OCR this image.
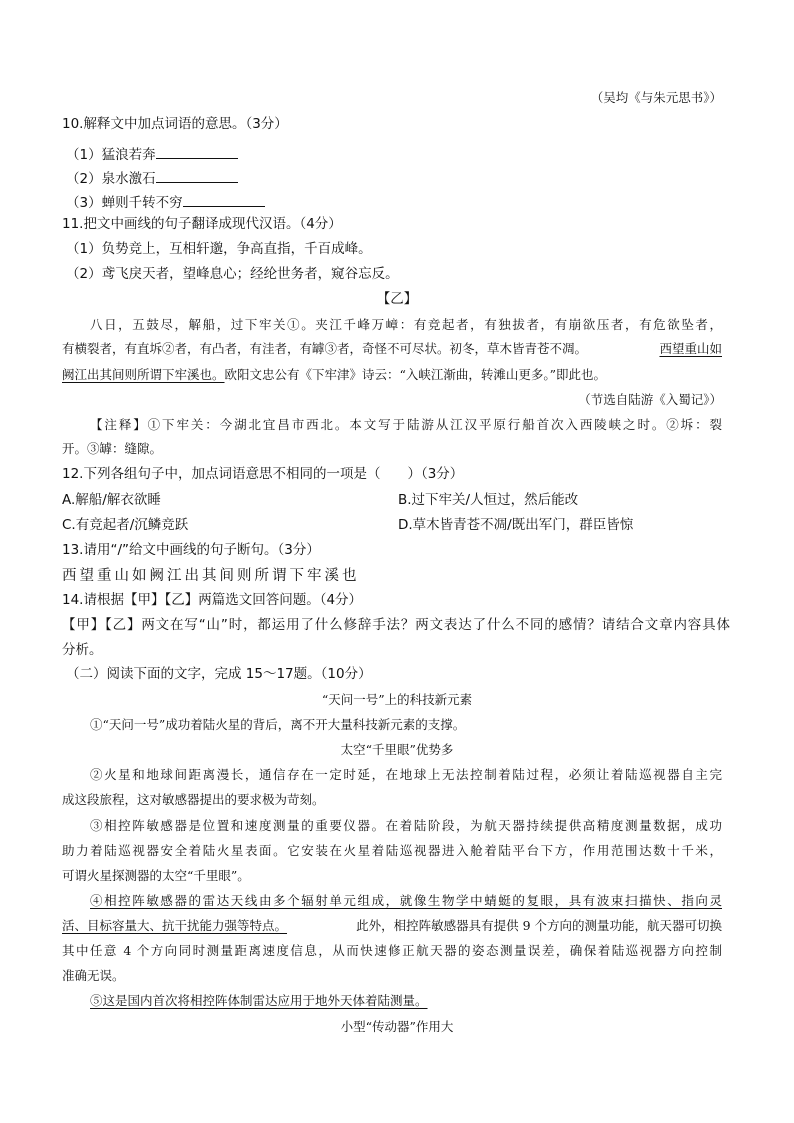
（吴均《与朱元思书》）
10.解释文中加点词语的意思。（3分）
（1）猛浪若奔
（2）泉水激石
（3）蝉则千转不穷
11.把文中画线的句子翻译成现代汉语。（4分）
（1）负势竞上，互相轩邈，争高直指，千百成峰。
（2）鸢飞戾天者，望峰息心；经纶世务者，窥谷忘反。
【乙】
八日，五鼓尽，解船，过下牢关①。夹江千峰万嶂：有竞起者，有独拔者，有崩欲压者，有危欲坠者，
有横裂者，有直坼②者，有凸者，有洼者，有罅③者，奇怪不可尽状。初冬，草木皆青苍不凋。	西望重山如
阙江出其间则所谓下牢溪也。欧阳文忠公有《下牢津》诗云：“入峡江渐曲，转滩山更多。”即此也。
（节选自陆游《入蜀记》）
【注释】①下牢关：今湖北宜昌市西北。本文写于陆游从江汉平原行船首次入西陵峡之时。②坼：裂
开。③罅：缝隙。
12.下列各组句子中，加点词语意思不相同的一项是（　　）（3分）
A.解船/解衣欲睡	B.过下牢关/人恒过，然后能改
C.有竞起者/沉鳞竞跃	D.草木皆青苍不凋/既出军门，群臣皆惊
13.请用“/”给文中画线的句子断句。（3分）
西望重山如阙江出其间则所谓下牢溪也
14.请根据【甲】【乙】两篇选文回答问题。（4分）
【甲】【乙】两文在写“山”时，都运用了什么修辞手法？两文表达了什么不同的感情？请结合文章内容具体
分析。
（二）阅读下面的文字，完成 15～17题。（10分）
“天问一号”上的科技新元素
①“天问一号”成功着陆火星的背后，离不开大量科技新元素的支撑。
太空“千里眼”优势多
②火星和地球间距离漫长，通信存在一定时延，在地球上无法控制着陆过程，必须让着陆巡视器自主完
成这段旅程，这对敏感器提出的要求极为苛刻。
③相控阵敏感器是位置和速度测量的重要仪器。在着陆阶段，为航天器持续提供高精度测量数据，成功
助力着陆巡视器安全着陆火星表面。它安装在火星着陆巡视器进入舱着陆平台下方，作用范围达数十千米，
可谓火星探测器的太空“千里眼”。
④相控阵敏感器的雷达天线由多个辐射单元组成，就像生物学中蜻蜓的复眼，具有波束扫描快、指向灵
活、目标容量大、抗干扰能力强等特点。	此外，相控阵敏感器具有提供 9 个方向的测量功能，航天器可切换
其中任意 4 个方向同时测量距离速度信息，从而快速修正航天器的姿态测量误差，确保着陆巡视器方向控制
准确无误。
⑤这是国内首次将相控阵体制雷达应用于地外天体着陆测量。
小型“传动器”作用大
